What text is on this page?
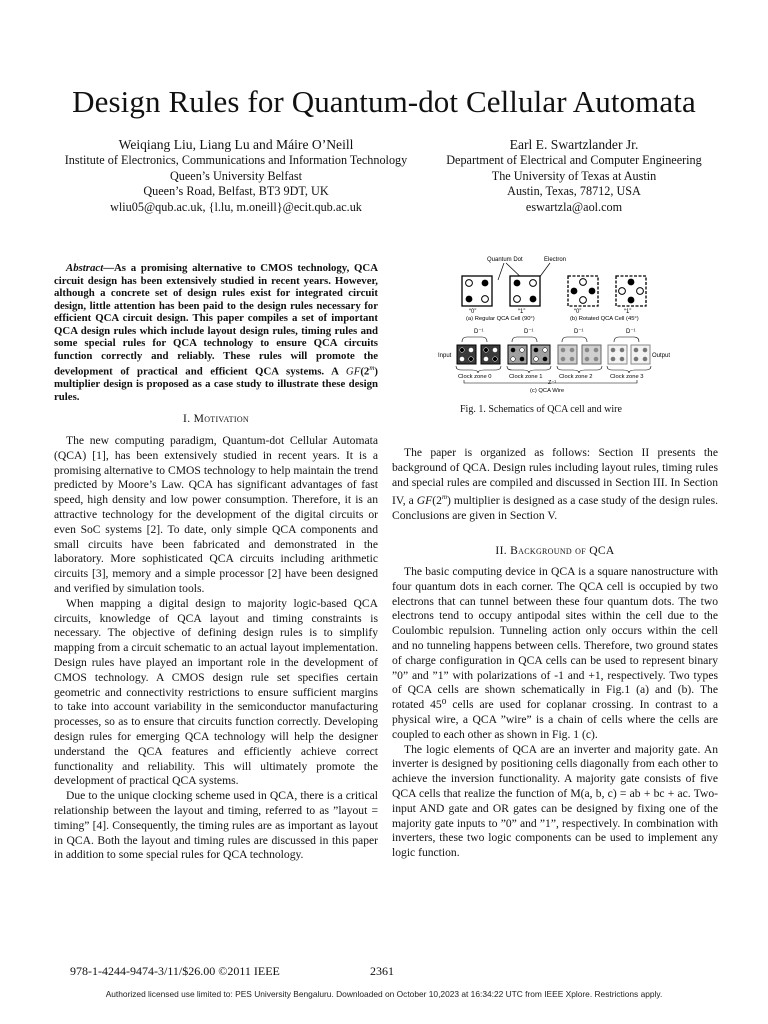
Design Rules for Quantum-dot Cellular Automata
Weiqiang Liu, Liang Lu and Máire O’Neill
Institute of Electronics, Communications and Information Technology
Queen’s University Belfast
Queen’s Road, Belfast, BT3 9DT, UK
wliu05@qub.ac.uk, {l.lu, m.oneill}@ecit.qub.ac.uk
Earl E. Swartzlander Jr.
Department of Electrical and Computer Engineering
The University of Texas at Austin
Austin, Texas, 78712, USA
eswartzla@aol.com
Abstract—As a promising alternative to CMOS technology, QCA circuit design has been extensively studied in recent years. However, although a concrete set of design rules exist for integrated circuit design, little attention has been paid to the design rules necessary for efficient QCA circuit design. This paper compiles a set of important QCA design rules which include layout design rules, timing rules and some special rules for QCA technology to ensure QCA circuits function correctly and reliably. These rules will promote the development of practical and efficient QCA systems. A GF(2$^m$) multiplier design is proposed as a case study to illustrate these design rules.
I. Motivation

The new computing paradigm, Quantum-dot Cellular Automata (QCA) [1], has been extensively studied in recent years. It is a promising alternative to CMOS technology to help maintain the trend predicted by Moore’s Law. QCA has significant advantages of fast speed, high density and low power consumption. Therefore, it is an attractive technology for the development of the digital circuits or even SoC systems [2]. To date, only simple QCA components and small circuits have been fabricated and demonstrated in the laboratory. More sophisticated QCA circuits including arithmetic circuits [3], memory and a simple processor [2] have been designed and verified by simulation tools.

When mapping a digital design to majority logic-based QCA circuits, knowledge of QCA layout and timing constraints is necessary. The objective of defining design rules is to simplify mapping from a circuit schematic to an actual layout implementation. Design rules have played an important role in the development of CMOS technology. A CMOS design rule set specifies certain geometric and connectivity restrictions to ensure sufficient margins to take into account variability in the semiconductor manufacturing processes, so as to ensure that circuits function correctly. Developing design rules for emerging QCA technology will help the designer understand the QCA features and efficiently achieve correct functionality and reliability. This will ultimately promote the development of practical QCA systems.

Due to the unique clocking scheme used in QCA, there is a critical relationship between the layout and timing, referred to as ”layout = timing” [4]. Consequently, the timing rules are as important as layout in QCA. Both the layout and timing rules are discussed in this paper in addition to some special rules for QCA technology.

Quantum Dot	Electron
“0”	“1”	“0”	“1”
(a) Regular QCA Cell (90°)	(b) Rotated QCA Cell (45°)
D⁻¹	D⁻¹	D⁻¹	D⁻¹
Input	Output
Clock zone 0	Clock zone 1	Clock zone 2	Clock zone 3
Z⁻¹
(c) QCA Wire
Fig. 1. Schematics of QCA cell and wire

The paper is organized as follows: Section II presents the background of QCA. Design rules including layout rules, timing rules and special rules are compiled and discussed in Section III. In Section IV, a GF(2$^m$) multiplier is designed as a case study of the design rules. Conclusions are given in Section V.

II. Background of QCA

The basic computing device in QCA is a square nanostructure with four quantum dots in each corner. The QCA cell is occupied by two electrons that can tunnel between these four quantum dots. The two electrons tend to occupy antipodal sites within the cell due to the Coulombic repulsion. Tunneling action only occurs within the cell and no tunneling happens between cells. Therefore, two ground states of charge configuration in QCA cells can be used to represent binary ”0” and ”1” with polarizations of -1 and +1, respectively. Two types of QCA cells are shown schematically in Fig.1 (a) and (b). The rotated 45⁰ cells are used for coplanar crossing. In contrast to a physical wire, a QCA ”wire” is a chain of cells where the cells are coupled to each other as shown in Fig. 1 (c).

The logic elements of QCA are an inverter and majority gate. An inverter is designed by positioning cells diagonally from each other to achieve the inversion functionality. A majority gate consists of five QCA cells that realize the function of M(a, b, c) = ab + bc + ac. Two-input AND gate and OR gates can be designed by fixing one of the majority gate inputs to ”0” and ”1”, respectively. In combination with inverters, these two logic components can be used to implement any logic function.

978-1-4244-9474-3/11/$26.00 ©2011 IEEE	2361
Authorized licensed use limited to: PES University Bengaluru. Downloaded on October 10,2023 at 16:34:22 UTC from IEEE Xplore. Restrictions apply.
